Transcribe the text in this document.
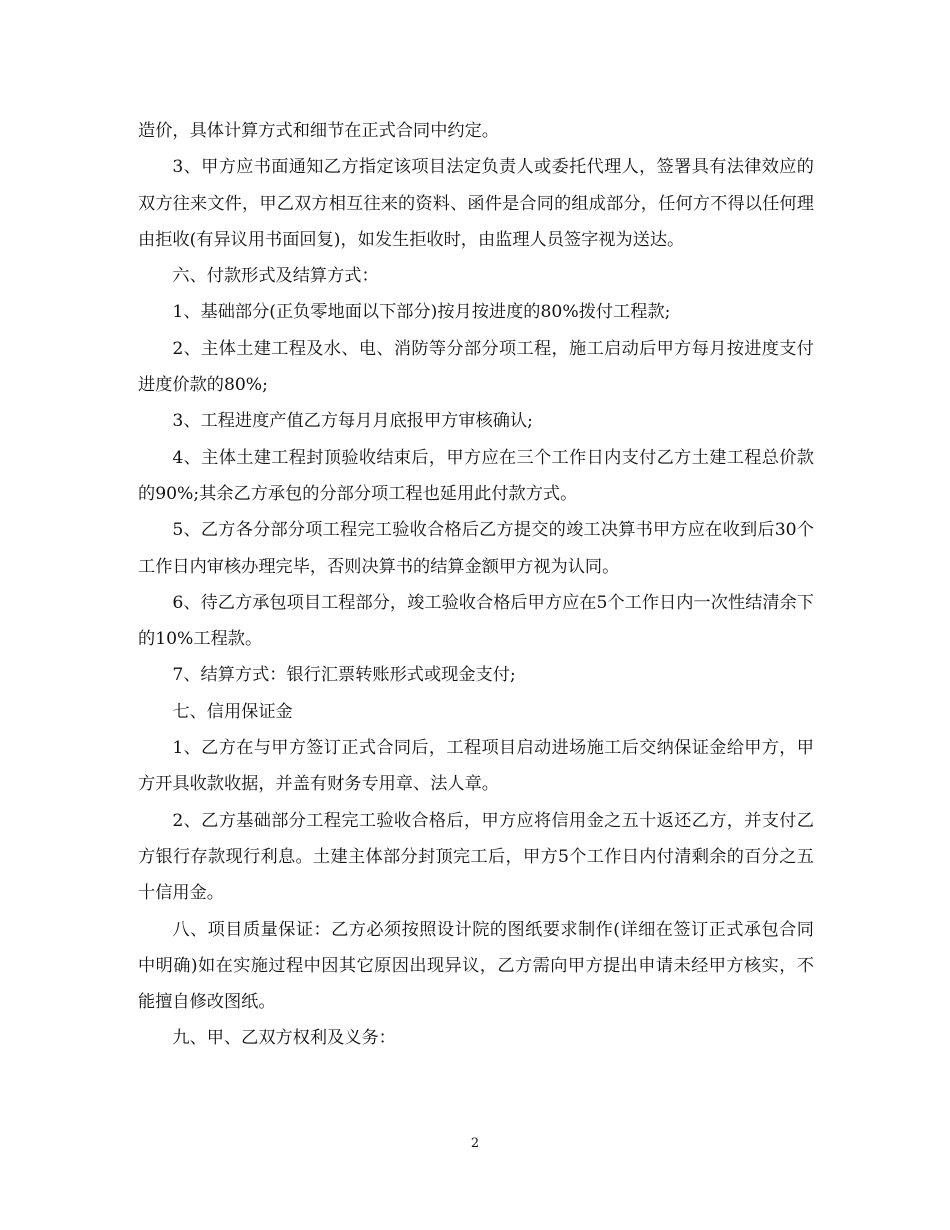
造价，具体计算方式和细节在正式合同中约定。

3、甲方应书面通知乙方指定该项目法定负责人或委托代理人，签署具有法律效应的双方往来文件，甲乙双方相互往来的资料、函件是合同的组成部分，任何方不得以任何理由拒收(有异议用书面回复)，如发生拒收时，由监理人员签字视为送达。

六、付款形式及结算方式：

1、基础部分(正负零地面以下部分)按月按进度的80%拨付工程款;

2、主体土建工程及水、电、消防等分部分项工程，施工启动后甲方每月按进度支付进度价款的80%;

3、工程进度产值乙方每月月底报甲方审核确认;

4、主体土建工程封顶验收结束后，甲方应在三个工作日内支付乙方土建工程总价款的90%;其余乙方承包的分部分项工程也延用此付款方式。

5、乙方各分部分项工程完工验收合格后乙方提交的竣工决算书甲方应在收到后30个工作日内审核办理完毕，否则决算书的结算金额甲方视为认同。

6、待乙方承包项目工程部分，竣工验收合格后甲方应在5个工作日内一次性结清余下的10%工程款。

7、结算方式：银行汇票转账形式或现金支付;

七、信用保证金

1、乙方在与甲方签订正式合同后，工程项目启动进场施工后交纳保证金给甲方，甲方开具收款收据，并盖有财务专用章、法人章。

2、乙方基础部分工程完工验收合格后，甲方应将信用金之五十返还乙方，并支付乙方银行存款现行利息。土建主体部分封顶完工后，甲方5个工作日内付清剩余的百分之五十信用金。

八、项目质量保证：乙方必须按照设计院的图纸要求制作(详细在签订正式承包合同中明确)如在实施过程中因其它原因出现异议，乙方需向甲方提出申请未经甲方核实，不能擅自修改图纸。

九、甲、乙双方权利及义务：

2
